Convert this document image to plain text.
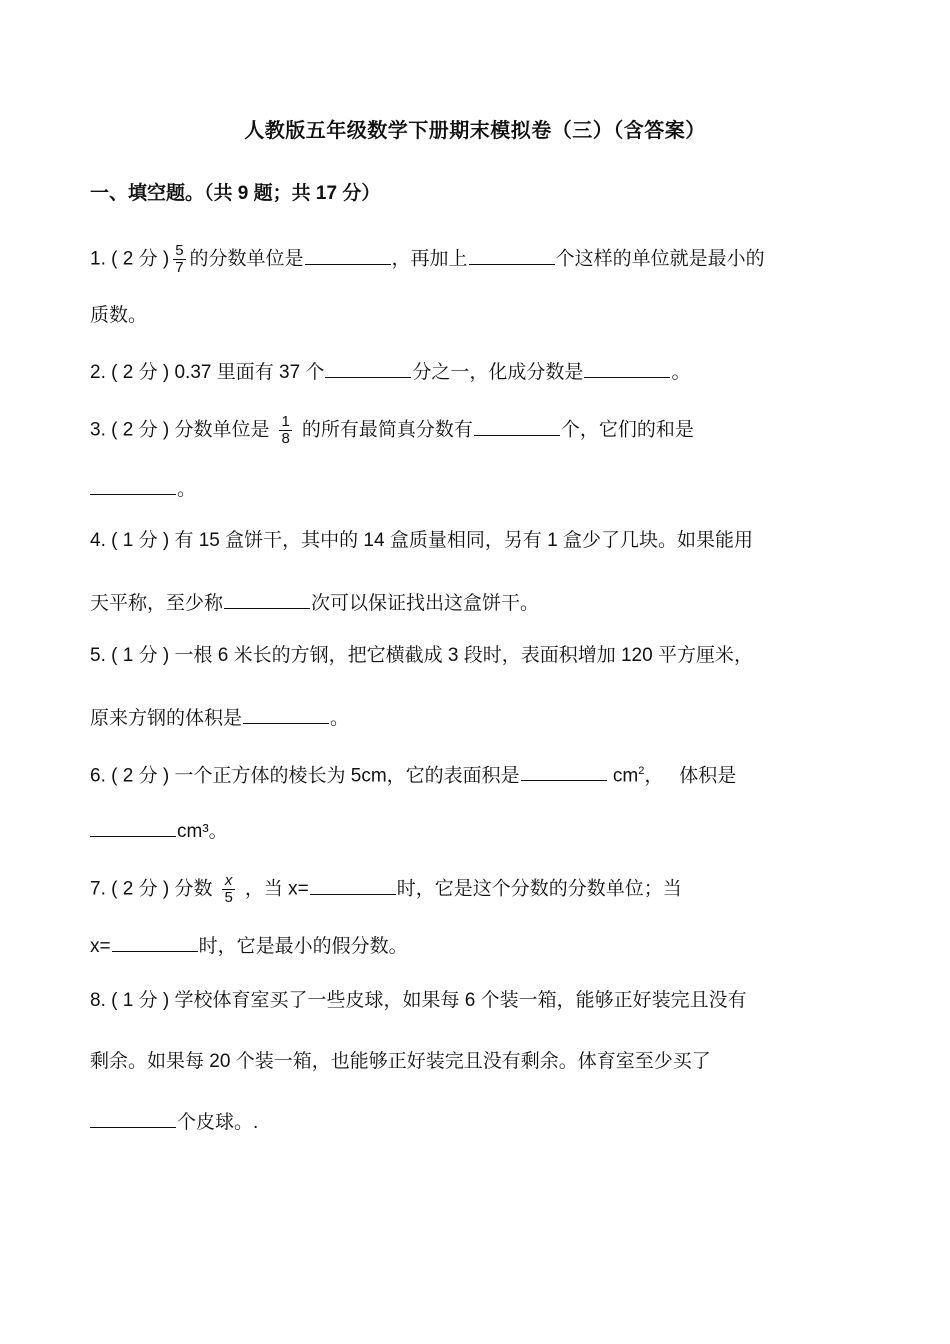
人教版五年级数学下册期末模拟卷（三）（含答案）
一、填空题。（共 9 题；共 17 分）
1. ( 2 分 ) $\frac{5}{7}$ 的分数单位是	，再加上	个这样的单位就是最小的
质数。
2. ( 2 分 ) 0.37 里面有 37 个	分之一，化成分数是	。
3. ( 2 分 ) 分数单位是 $\frac{1}{8}$ 的所有最简真分数有	个，它们的和是
。
4. ( 1 分 ) 有 15 盒饼干，其中的 14 盒质量相同，另有 1 盒少了几块。如果能用
天平称，至少称	次可以保证找出这盒饼干。
5. ( 1 分 ) 一根 6 米长的方钢，把它横截成 3 段时，表面积增加 120 平方厘米，
原来方钢的体积是	。
6. ( 2 分 ) 一个正方体的棱长为 5cm，它的表面积是	$cm^2$，   体积是
cm³。
7. ( 2 分 ) 分数 $\frac{x}{5}$ ，当 x=	时，它是这个分数的分数单位；当
x=	时，它是最小的假分数。
8. ( 1 分 ) 学校体育室买了一些皮球，如果每 6 个装一箱，能够正好装完且没有
剩余。如果每 20 个装一箱，也能够正好装完且没有剩余。体育室至少买了
个皮球。.
